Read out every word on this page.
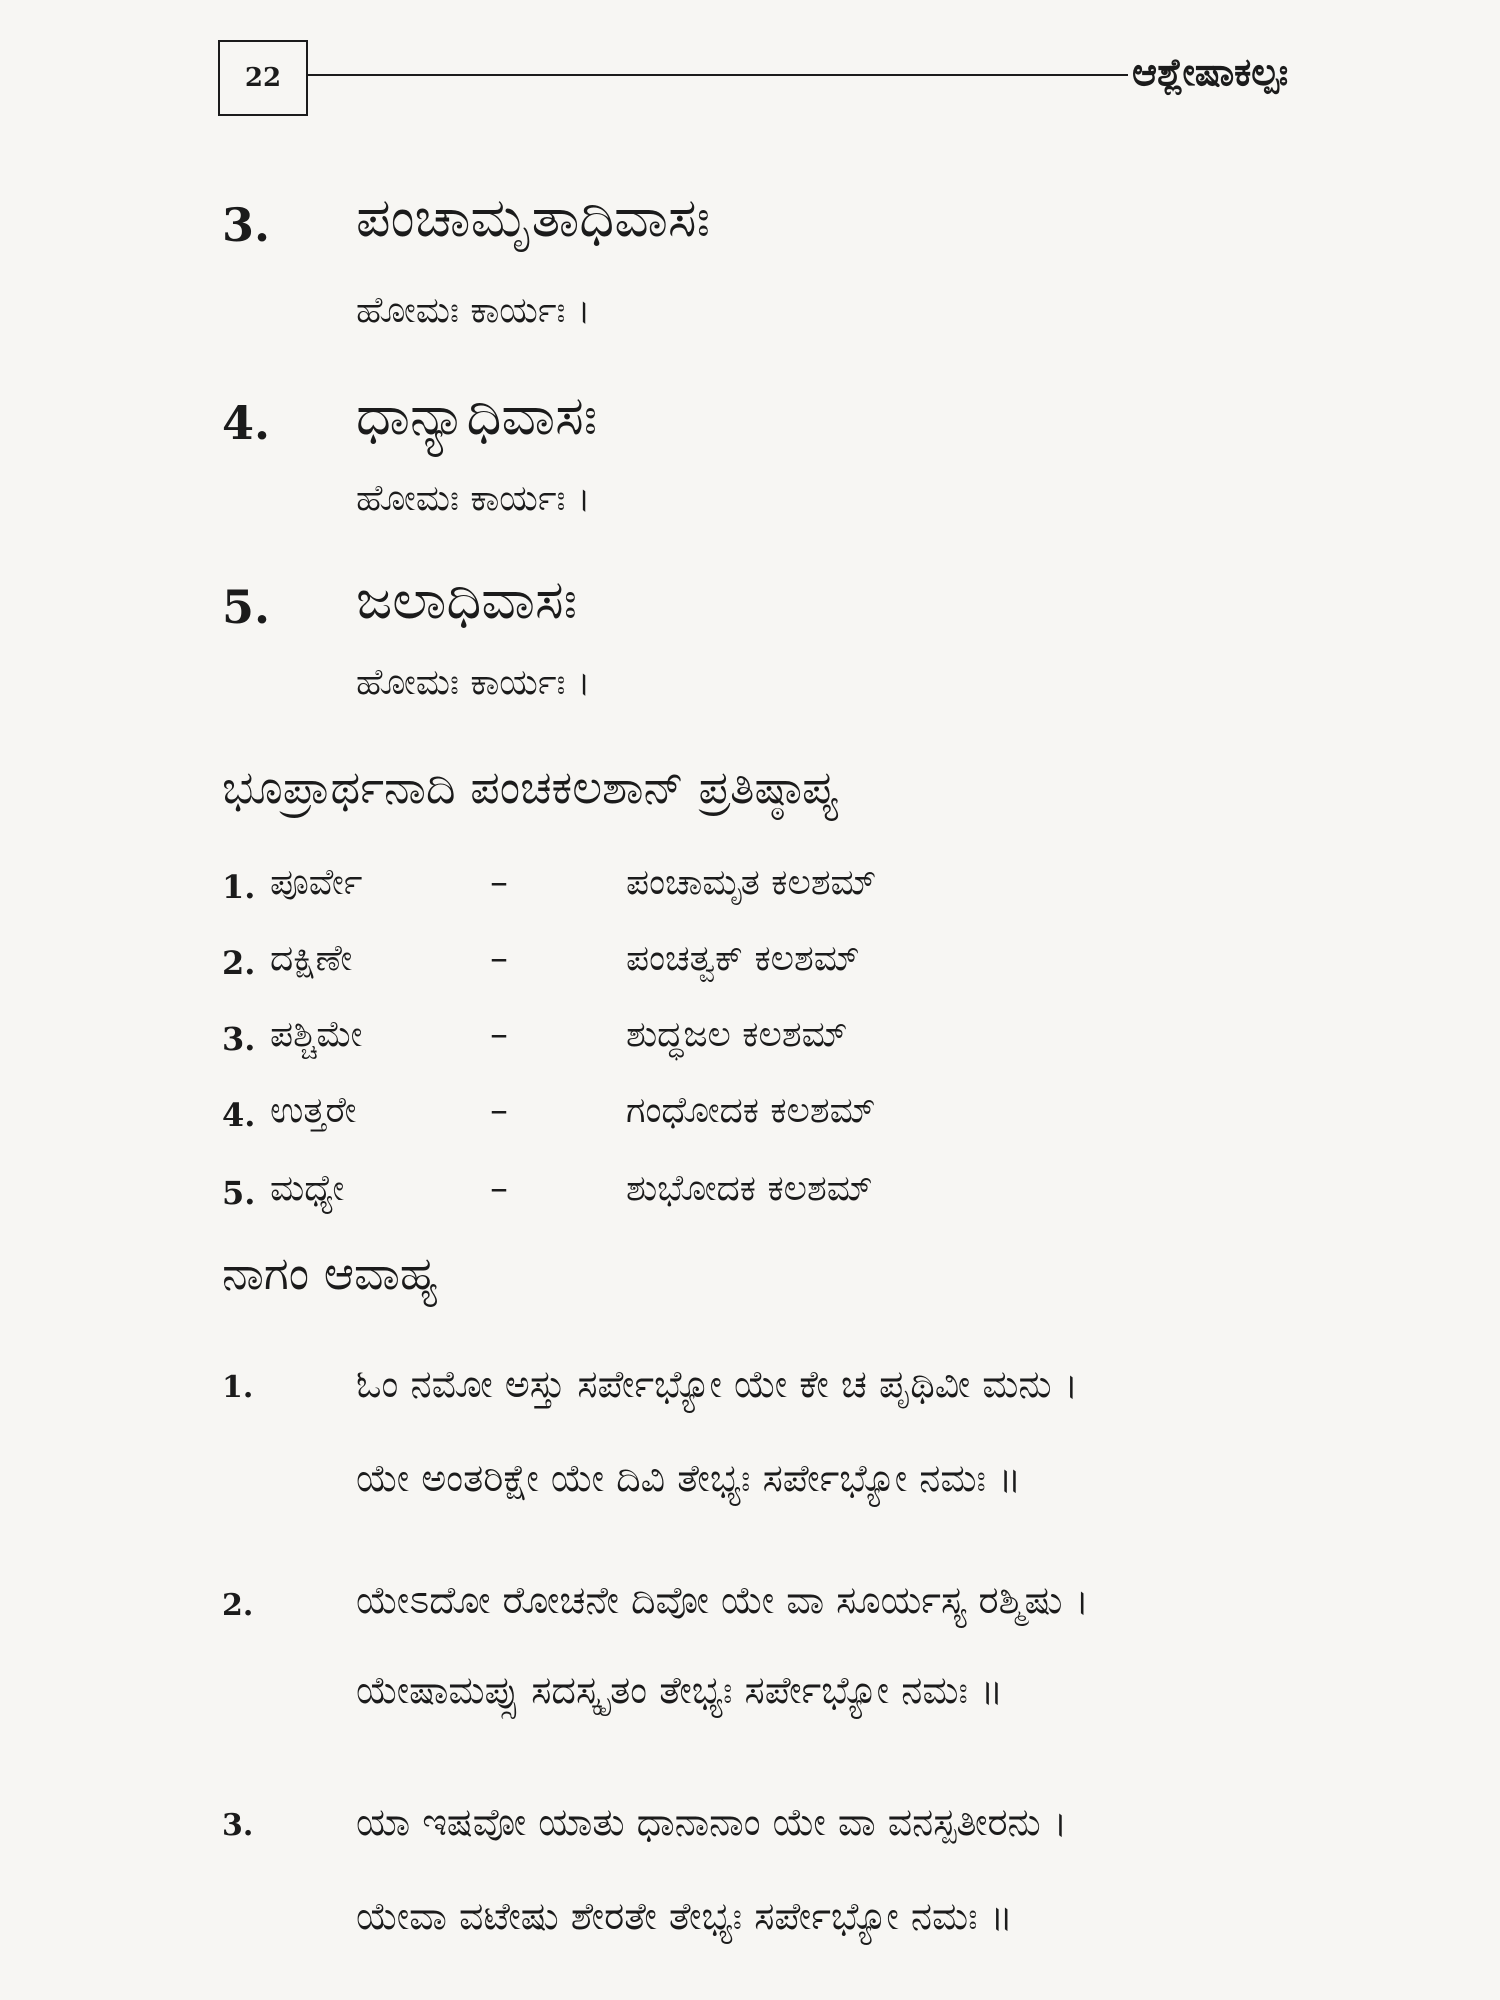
22	ಆಶ್ಲೇಷಾಕಲ್ಪಃ
3. ಪಂಚಾಮೃತಾಧಿವಾಸಃ
ಹೋಮಃ ಕಾರ್ಯಃ ।
4. ಧಾನ್ಯಾಧಿವಾಸಃ
ಹೋಮಃ ಕಾರ್ಯಃ ।
5. ಜಲಾಧಿವಾಸಃ
ಹೋಮಃ ಕಾರ್ಯಃ ।
ಭೂಪ್ರಾರ್ಥನಾದಿ ಪಂಚಕಲಶಾನ್ ಪ್ರತಿಷ್ಠಾಪ್ಯ
1. ಪೂರ್ವೇ	–	ಪಂಚಾಮೃತ ಕಲಶಮ್
2. ದಕ್ಷಿಣೇ	–	ಪಂಚತ್ವಕ್ ಕಲಶಮ್
3. ಪಶ್ಚಿಮೇ	–	ಶುದ್ಧಜಲ ಕಲಶಮ್
4. ಉತ್ತರೇ	–	ಗಂಧೋದಕ ಕಲಶಮ್
5. ಮಧ್ಯೇ	–	ಶುಭೋದಕ ಕಲಶಮ್
ನಾಗಂ ಆವಾಹ್ಯ
1.	ಓಂ ನಮೋ ಅಸ್ತು ಸರ್ಪೇಭ್ಯೋ ಯೇ ಕೇ ಚ ಪೃಥಿವೀ ಮನು ।
ಯೇ ಅಂತರಿಕ್ಷೇ ಯೇ ದಿವಿ ತೇಭ್ಯಃ ಸರ್ಪೇಭ್ಯೋ ನಮಃ ॥
2.	ಯೇಽದೋ ರೋಚನೇ ದಿವೋ ಯೇ ವಾ ಸೂರ್ಯಸ್ಯ ರಶ್ಮಿಷು ।
ಯೇಷಾಮಪ್ಸು ಸದಸ್ಕೃತಂ ತೇಭ್ಯಃ ಸರ್ಪೇಭ್ಯೋ ನಮಃ ॥
3.	ಯಾ ಇಷವೋ ಯಾತು ಧಾನಾನಾಂ ಯೇ ವಾ ವನಸ್ಪತೀರನು ।
ಯೇವಾ ವಟೇಷು ಶೇರತೇ ತೇಭ್ಯಃ ಸರ್ಪೇಭ್ಯೋ ನಮಃ ॥
